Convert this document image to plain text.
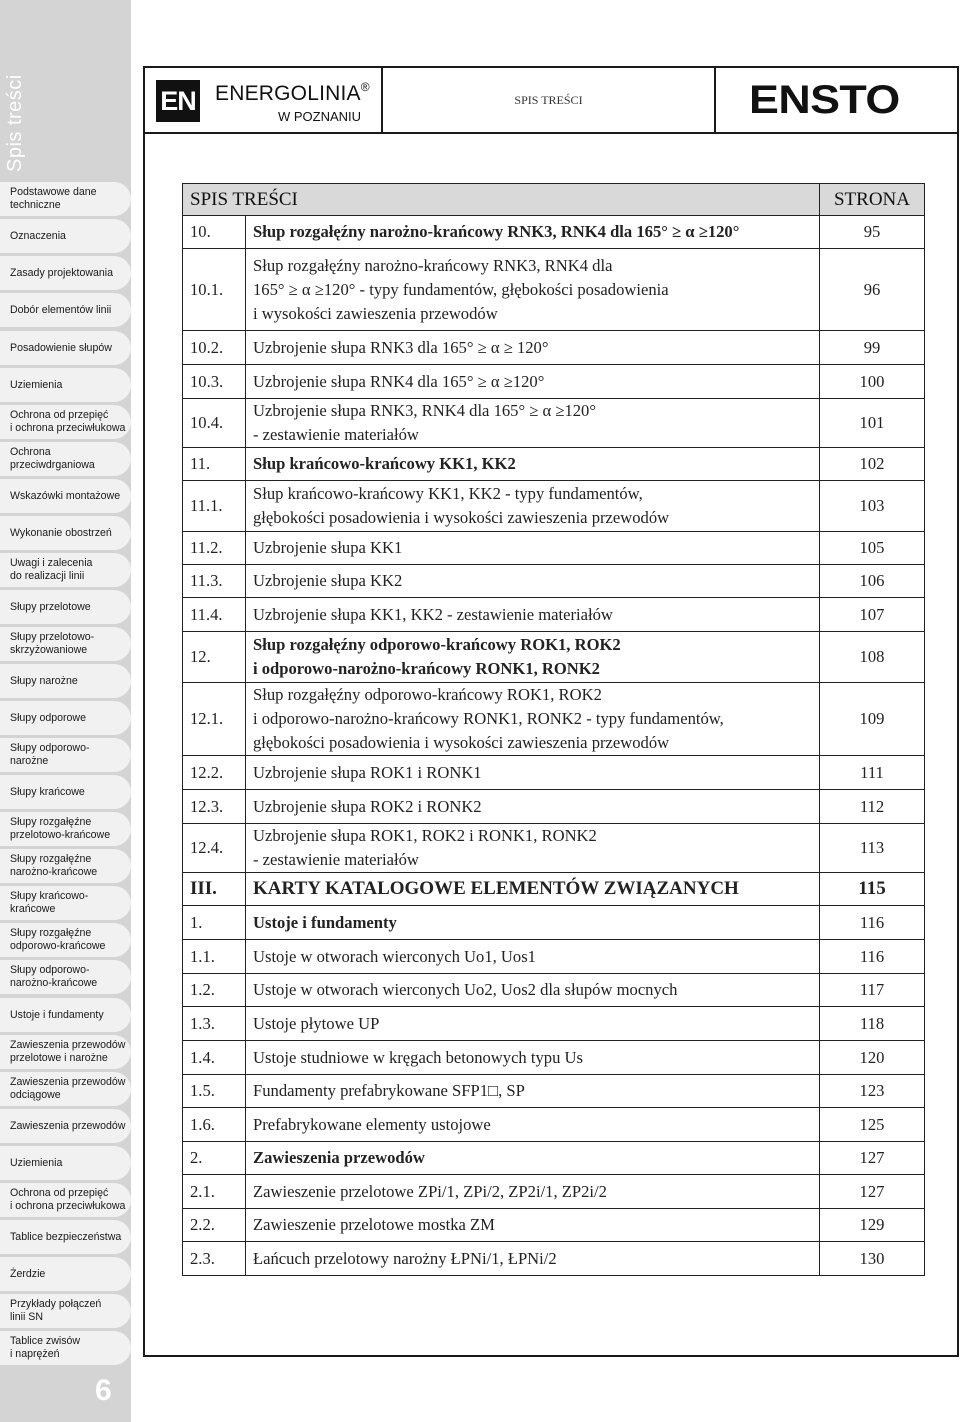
Spis treści
Podstawowe dane
techniczne
Oznaczenia
Zasady projektowania
Dobór elementów linii
Posadowienie słupów
Uziemienia
Ochrona od przepięć
i ochrona przeciwłukowa
Ochrona
przeciwdrganiowa
Wskazówki montażowe
Wykonanie obostrzeń
Uwagi i zalecenia
do realizacji linii
Słupy przelotowe
Słupy przelotowo-
skrzyżowaniowe
Słupy narożne
Słupy odporowe
Słupy odporowo-narożne
Słupy krańcowe
Słupy rozgałęźne
przelotowo-krańcowe
Słupy rozgałęźne
narożno-krańcowe
Słupy krańcowo-
krańcowe
Słupy rozgałęźne
odporowo-krańcowe
Słupy odporowo-
narożno-krańcowe
Ustoje i fundamenty
Zawieszenia przewodów
przelotowe i narożne
Zawieszenia przewodów
odciągowe
Zawieszenia przewodów
Uziemienia
Ochrona od przepięć
i ochrona przeciwłukowa
Tablice bezpieczeństwa
Żerdzie
Przykłady połączeń
linii SN
Tablice zwisów
i naprężeń
6
EN ENERGOLINIA®
W POZNANIU
SPIS TREŚCI	ENSTO
SPIS TREŚCI		STRONA
10.	Słup rozgałęźny narożno-krańcowy RNK3, RNK4 dla 165° ≥ α ≥120°	95
10.1.	Słup rozgałęźny narożno-krańcowy RNK3, RNK4 dla
165° ≥ α ≥120° - typy fundamentów, głębokości posadowienia
i wysokości zawieszenia przewodów	96
10.2.	Uzbrojenie słupa RNK3 dla 165° ≥ α ≥ 120°	99
10.3.	Uzbrojenie słupa RNK4 dla 165° ≥ α ≥120°	100
10.4.	Uzbrojenie słupa RNK3, RNK4 dla 165° ≥ α ≥120°
- zestawienie materiałów	101
11.	Słup krańcowo-krańcowy KK1, KK2	102
11.1.	Słup krańcowo-krańcowy KK1, KK2 - typy fundamentów,
głębokości posadowienia i wysokości zawieszenia przewodów	103
11.2.	Uzbrojenie słupa KK1	105
11.3.	Uzbrojenie słupa KK2	106
11.4.	Uzbrojenie słupa KK1, KK2 - zestawienie materiałów	107
12.	Słup rozgałęźny odporowo-krańcowy ROK1, ROK2
i odporowo-narożno-krańcowy RONK1, RONK2	108
12.1.	Słup rozgałęźny odporowo-krańcowy ROK1, ROK2
i odporowo-narożno-krańcowy RONK1, RONK2 - typy fundamentów,
głębokości posadowienia i wysokości zawieszenia przewodów	109
12.2.	Uzbrojenie słupa ROK1 i RONK1	111
12.3.	Uzbrojenie słupa ROK2 i RONK2	112
12.4.	Uzbrojenie słupa ROK1, ROK2 i RONK1, RONK2
- zestawienie materiałów	113
III.	KARTY KATALOGOWE ELEMENTÓW ZWIĄZANYCH	115
1.	Ustoje i fundamenty	116
1.1.	Ustoje w otworach wierconych Uo1, Uos1	116
1.2.	Ustoje w otworach wierconych Uo2, Uos2 dla słupów mocnych	117
1.3.	Ustoje płytowe UP	118
1.4.	Ustoje studniowe w kręgach betonowych typu Us	120
1.5.	Fundamenty prefabrykowane SFP1□, SP	123
1.6.	Prefabrykowane elementy ustojowe	125
2.	Zawieszenia przewodów	127
2.1.	Zawieszenie przelotowe ZPi/1, ZPi/2, ZP2i/1, ZP2i/2	127
2.2.	Zawieszenie przelotowe mostka ZM	129
2.3.	Łańcuch przelotowy narożny ŁPNi/1, ŁPNi/2	130
